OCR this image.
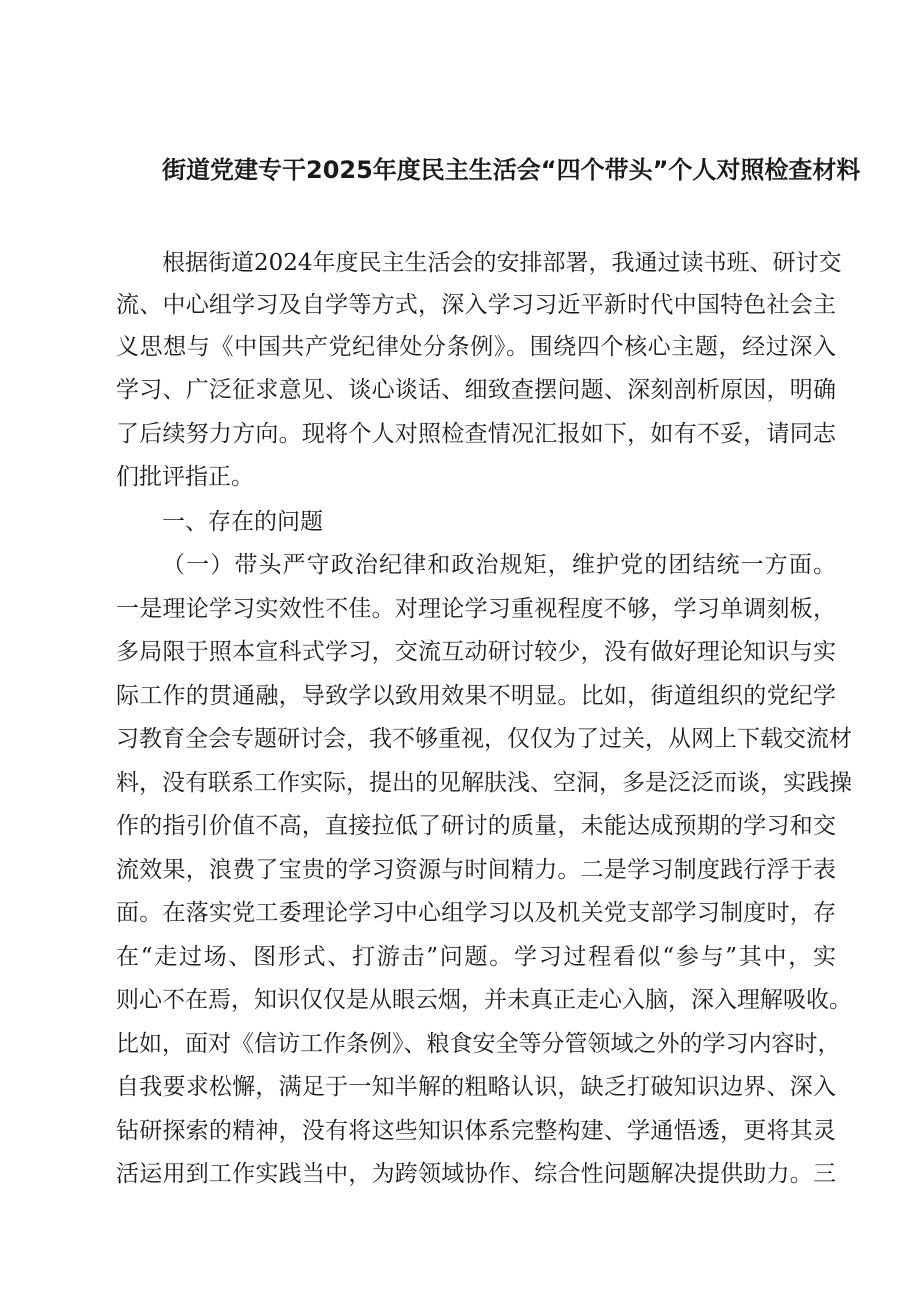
街道党建专干2025年度民主生活会“四个带头”个人对照检查材料
根据街道2024年度民主生活会的安排部署，我通过读书班、研讨交
流、中心组学习及自学等方式，深入学习习近平新时代中国特色社会主
义思想与《中国共产党纪律处分条例》。围绕四个核心主题，经过深入
学习、广泛征求意见、谈心谈话、细致查摆问题、深刻剖析原因，明确
了后续努力方向。现将个人对照检查情况汇报如下，如有不妥，请同志
们批评指正。
一、存在的问题
（一）带头严守政治纪律和政治规矩，维护党的团结统一方面。
一是理论学习实效性不佳。对理论学习重视程度不够，学习单调刻板，
多局限于照本宣科式学习，交流互动研讨较少，没有做好理论知识与实
际工作的贯通融，导致学以致用效果不明显。比如，街道组织的党纪学
习教育全会专题研讨会，我不够重视，仅仅为了过关，从网上下载交流材
料，没有联系工作实际，提出的见解肤浅、空洞，多是泛泛而谈，实践操
作的指引价值不高，直接拉低了研讨的质量，未能达成预期的学习和交
流效果，浪费了宝贵的学习资源与时间精力。二是学习制度践行浮于表
面。在落实党工委理论学习中心组学习以及机关党支部学习制度时，存
在“走过场、图形式、打游击”问题。学习过程看似“参与”其中，实
则心不在焉，知识仅仅是从眼云烟，并未真正走心入脑，深入理解吸收。
比如，面对《信访工作条例》、粮食安全等分管领域之外的学习内容时，
自我要求松懈，满足于一知半解的粗略认识，缺乏打破知识边界、深入
钻研探索的精神，没有将这些知识体系完整构建、学通悟透，更将其灵
活运用到工作实践当中，为跨领域协作、综合性问题解决提供助力。三
